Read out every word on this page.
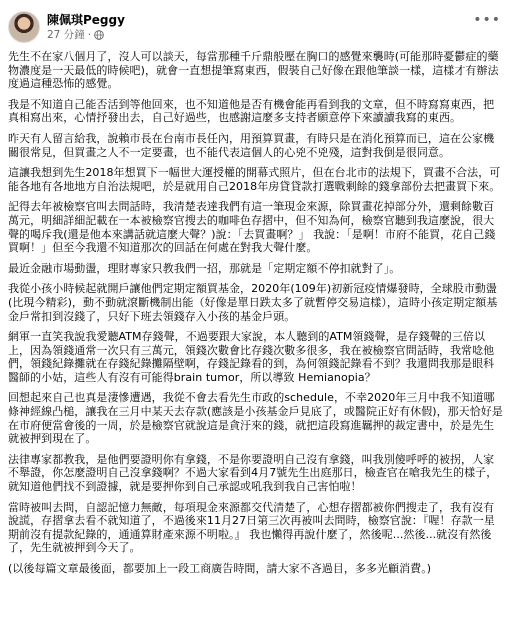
陳佩琪Peggy
27 分鐘 ·
•••

先生不在家八個月了，沒人可以談天，每當那種千斤鼎般壓在胸口的感覺來襲時(可能那時憂鬱症的藥物濃度是一天最低的時候吧)，就會一直想提筆寫東西，假裝自己好像在跟他筆談一樣，這樣才有辦法度過這種恐怖的感覺。

我是不知道自己能否活到等他回來，也不知道他是否有機會能再看到我的文章，但不時寫寫東西，把真相寫出來，心情抒發出去，自己好過些，也感謝這麼多支持者願意停下來讀讀我寫的東西。

昨天有人留言給我，說賴市長在台南市長任內，用預算買畫，有時只是在消化預算而已，這在公家機關很常見，但買畫之人不一定要畫，也不能代表這個人的心兇不兇殘，這對我倒是很同意。

這讓我想到先生2018年想買下一幅世大運授權的開幕式照片，但在台北市的法規下，買畫不合法，可能各地有各地地方自治法規吧，於是就用自己2018年房貸貸款打選戰剩餘的錢拿部份去把畫買下來。

記得去年被檢察官叫去問話時，我清楚表達我們有這一筆現金來源，除買畫花掉部分外，還剩餘數百萬元，明細詳細記載在一本被檢察官搜去的咖啡色存摺中，但不知為何，檢察官聽到我這麼說，很大聲的喝斥我(還是他本來講話就這麼大聲？)說：「去買畫啊？」 我說：「是啊！市府不能買，花自己錢買啊！」但至今我還不知道那次的回話在何處在對我大聲什麼。

最近金融市場動盪，理財專家只教我們一招，那就是「定期定額不停扣就對了」。

我從小孩小時候起就開戶讓他們定期定額買基金，2020年(109年)初新冠疫情爆發時，全球股市動盪(比現今精彩)，動不動就滾斷機制出能（好像是單日跌太多了就暫停交易這樣），這時小孩定期定額基金戶常扣到沒錢了，只好下班去領錢存入小孩的基金戶頭。

網軍一直笑我說我愛聽ATM存錢聲，不過要跟大家說，本人聽到的ATM領錢聲，是存錢聲的三倍以上，因為領錢通常一次只有三萬元，領錢次數會比存錢次數多很多，我在被檢察官問話時，我常唸他們，領錢紀錄攤就在存錢紀錄攤隔壁啊，存錢記錄看的到，為何領錢記錄看不到？我還問我那是眼科醫師的小姑，這些人有沒有可能得brain tumor，所以導致 Hemianopia？

回想起來自己也真是淒慘遭遇，我從不會去看先生市政的schedule，不幸2020年三月中我不知道哪條神經線凸槌，讓我在三月中某天去存款(應該是小孩基金戶見底了，或醫院正好有休假)，那天恰好是在市府便當會後的一周，於是檢察官就說這是貪汙來的錢，就把這段寫進羈押的裁定書中，於是先生就被押到現在了。

法律專家都教我，是他們要證明你有拿錢，不是你要證明自己沒有拿錢，叫我別傻呼呼的被拐，人家不舉證，你怎麼證明自己沒拿錢啊？不過大家看到4月7號先生出庭那日，檢查官在嗆我先生的樣子，就知道他們找不到證據，就是要押你到自己承認或吼我到我自己害怕啦！

當時被叫去問，自認記憶力無敵，每項現金來源都交代清楚了，心想存摺都被你們搜走了，我有沒有說謊，存摺拿去看不就知道了，不過後來11月27日第三次再被叫去問時，檢察官說：『喔！存款一星期前沒有提款紀錄的，通通算財產來源不明啦。』 我也懶得再說什麼了，然後呢...然後...就沒有然後了，先生就被押到今天了。

(以後每篇文章最後面，都要加上一段工商廣告時間，請大家不吝過目，多多光顧消費。)
